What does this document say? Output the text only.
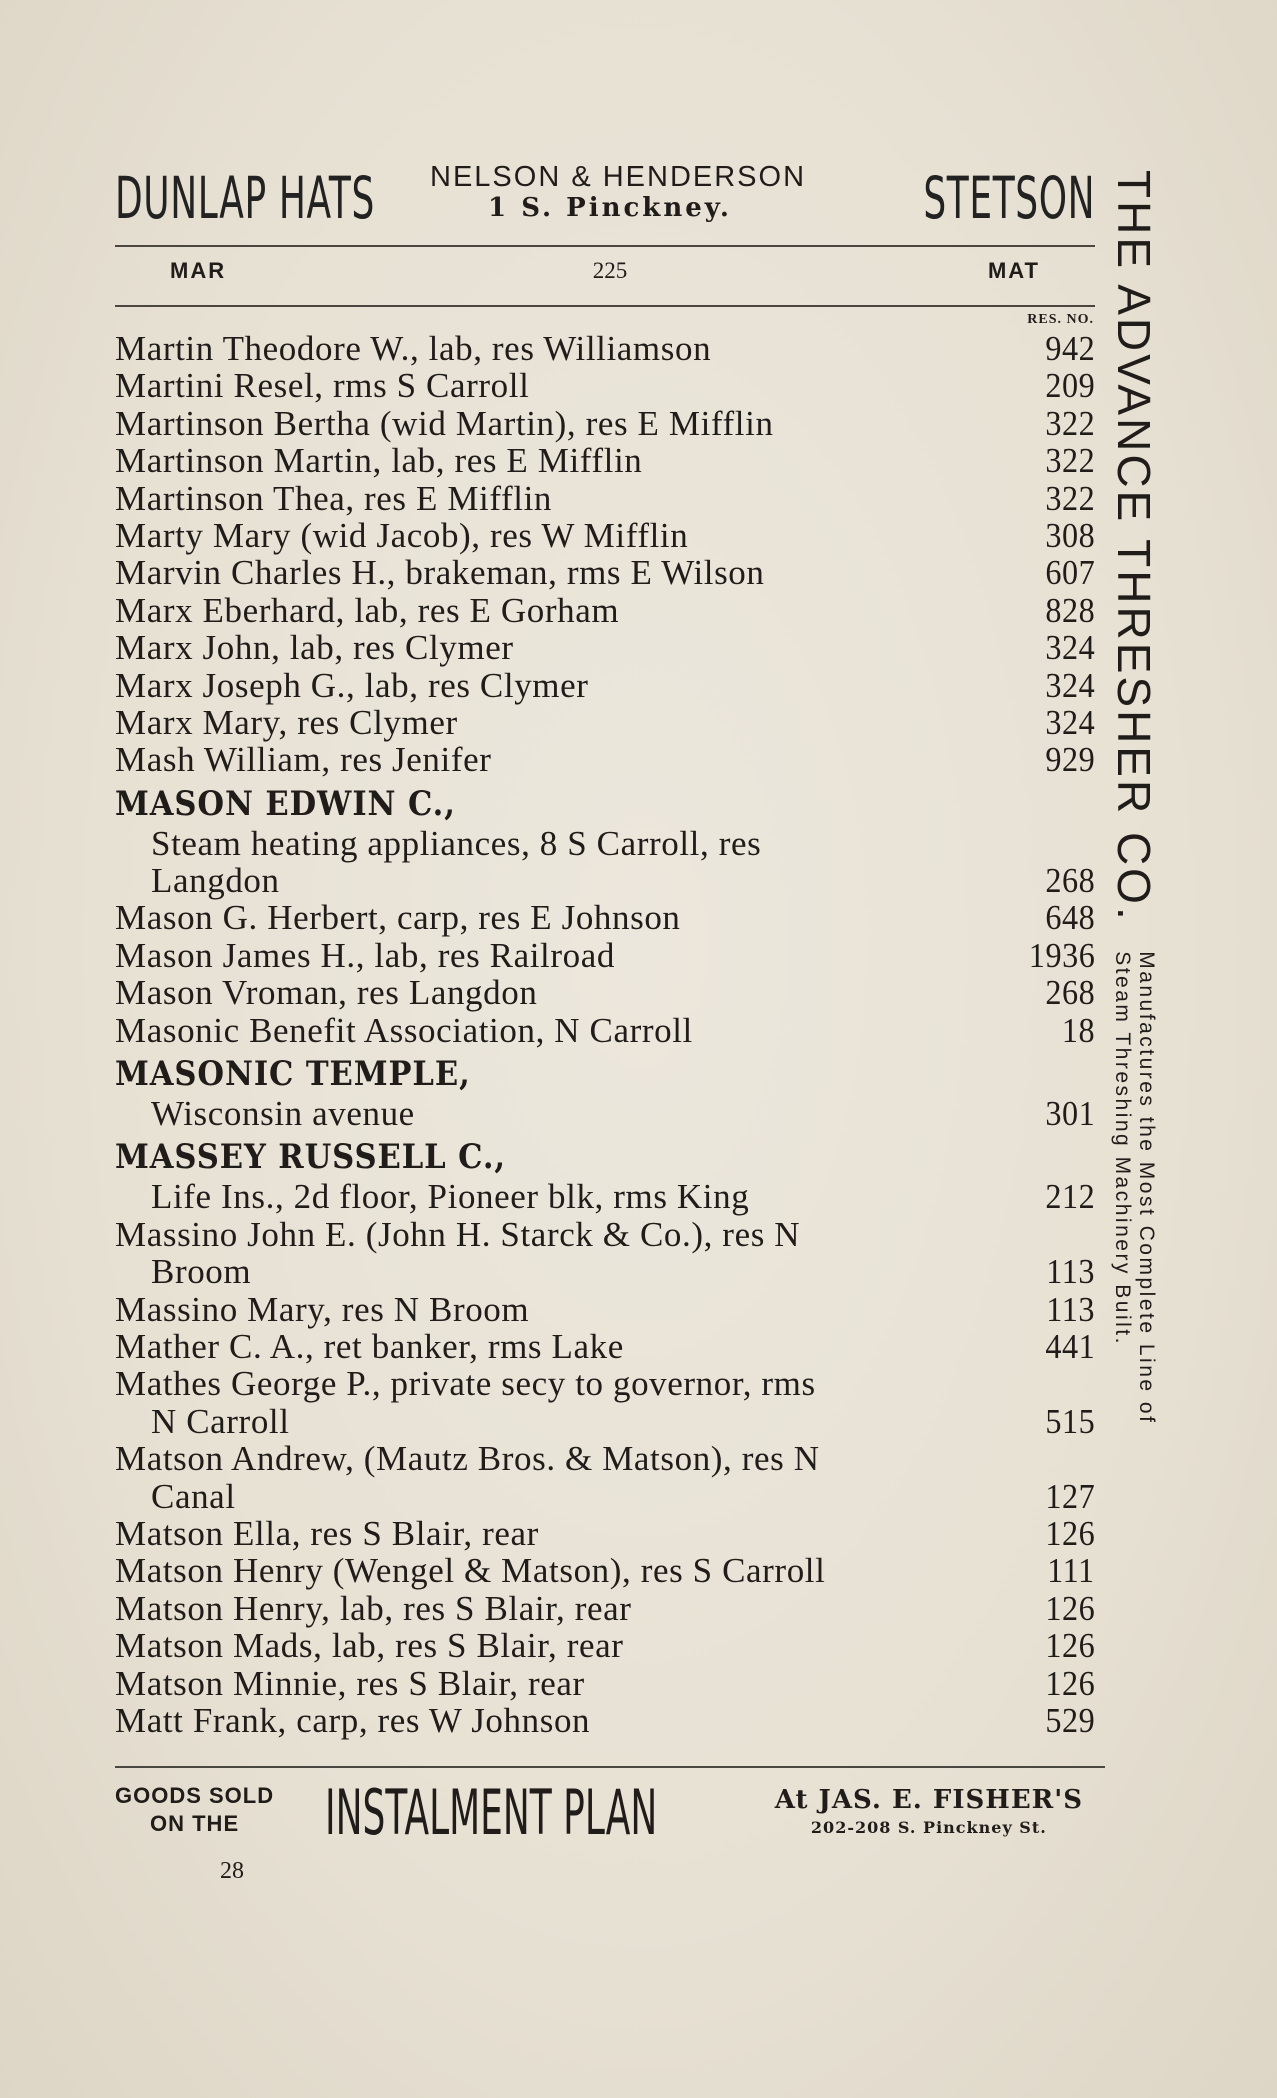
DUNLAP HATS NELSON & HENDERSON
1 S. Pinckney.	STETSON
MAR	225	MAT
RES. NO.
Martin Theodore W., lab, res Williamson	942
Martini Resel, rms S Carroll	209
Martinson Bertha (wid Martin), res E Mifflin	322
Martinson Martin, lab, res E Mifflin	322
Martinson Thea, res E Mifflin	322
Marty Mary (wid Jacob), res W Mifflin	308
Marvin Charles H., brakeman, rms E Wilson	607
Marx Eberhard, lab, res E Gorham	828
Marx John, lab, res Clymer	324
Marx Joseph G., lab, res Clymer	324
Marx Mary, res Clymer	324
Mash William, res Jenifer	929
MASON EDWIN C.,
Steam heating appliances, 8 S Carroll, res
Langdon	268
Mason G. Herbert, carp, res E Johnson	648
Mason James H., lab, res Railroad	1936
Mason Vroman, res Langdon	268
Masonic Benefit Association, N Carroll	18
MASONIC TEMPLE,
Wisconsin avenue	301
MASSEY RUSSELL C.,
Life Ins., 2d floor, Pioneer blk, rms King	212
Massino John E. (John H. Starck & Co.), res N
Broom	113
Massino Mary, res N Broom	113
Mather C. A., ret banker, rms Lake	441
Mathes George P., private secy to governor, rms
N Carroll	515
Matson Andrew, (Mautz Bros. & Matson), res N
Canal	127
Matson Ella, res S Blair, rear	126
Matson Henry (Wengel & Matson), res S Carroll	111
Matson Henry, lab, res S Blair, rear	126
Matson Mads, lab, res S Blair, rear	126
Matson Minnie, res S Blair, rear	126
Matt Frank, carp, res W Johnson	529
THE ADVANCE THRESHER CO.
Manufactures the Most Complete Line of
Steam Threshing Machinery Built.
GOODS SOLD
ON THE	INSTALMENT PLAN	At JAS. E. FISHER'S
202-208 S. Pinckney St.
28
